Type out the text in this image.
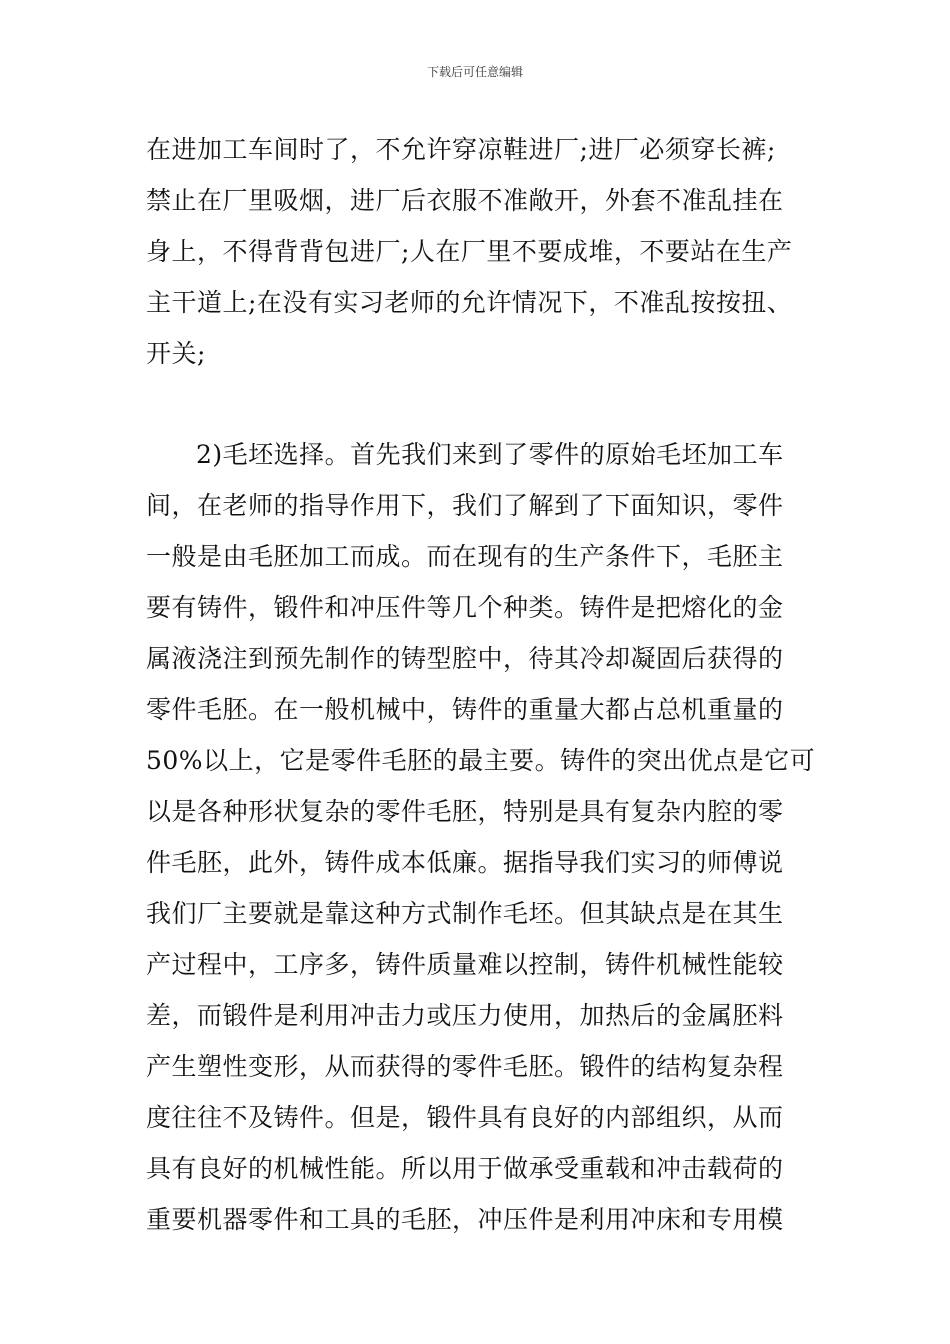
下载后可任意编辑
在进加工车间时了，不允许穿凉鞋进厂;进厂必须穿长裤;
禁止在厂里吸烟，进厂后衣服不准敞开，外套不准乱挂在
身上，不得背背包进厂;人在厂里不要成堆，不要站在生产
主干道上;在没有实习老师的允许情况下，不准乱按按扭、
开关;
2)毛坯选择。首先我们来到了零件的原始毛坯加工车
间，在老师的指导作用下，我们了解到了下面知识，零件
一般是由毛胚加工而成。而在现有的生产条件下，毛胚主
要有铸件，锻件和冲压件等几个种类。铸件是把熔化的金
属液浇注到预先制作的铸型腔中，待其冷却凝固后获得的
零件毛胚。在一般机械中，铸件的重量大都占总机重量的
50%以上，它是零件毛胚的最主要。铸件的突出优点是它可
以是各种形状复杂的零件毛胚，特别是具有复杂内腔的零
件毛胚，此外，铸件成本低廉。据指导我们实习的师傅说
我们厂主要就是靠这种方式制作毛坯。但其缺点是在其生
产过程中，工序多，铸件质量难以控制，铸件机械性能较
差，而锻件是利用冲击力或压力使用，加热后的金属胚料
产生塑性变形，从而获得的零件毛胚。锻件的结构复杂程
度往往不及铸件。但是，锻件具有良好的内部组织，从而
具有良好的机械性能。所以用于做承受重载和冲击载荷的
重要机器零件和工具的毛胚，冲压件是利用冲床和专用模
